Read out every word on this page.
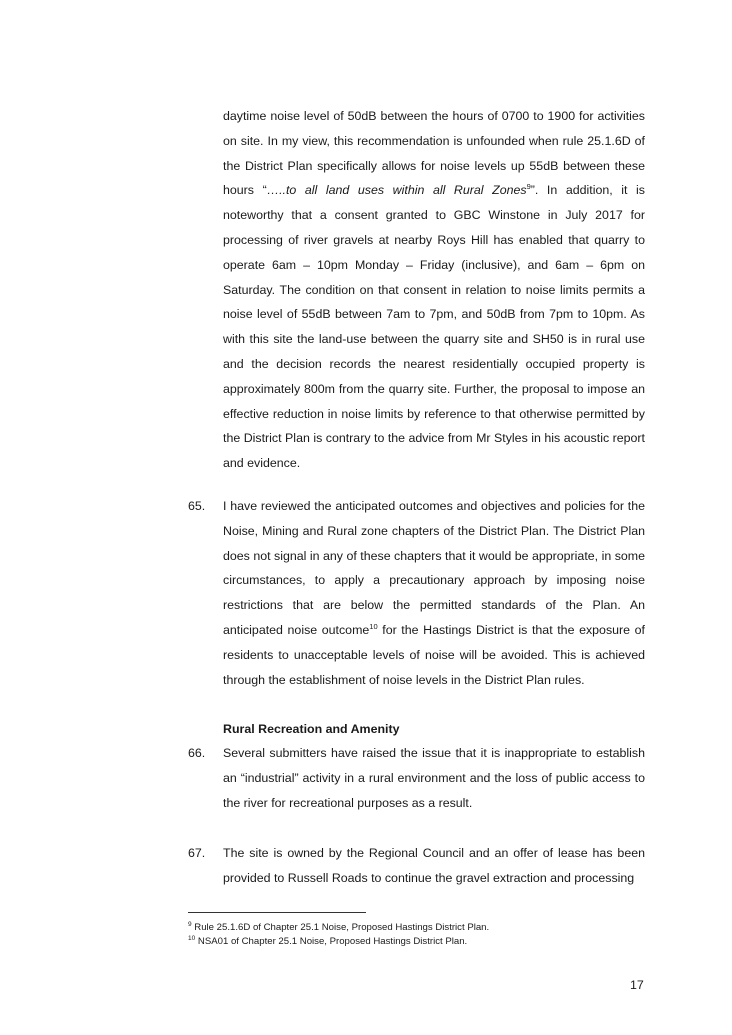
daytime noise level of 50dB between the hours of 0700 to 1900 for activities on site. In my view, this recommendation is unfounded when rule 25.1.6D of the District Plan specifically allows for noise levels up 55dB between these hours “…..to all land uses within all Rural Zones$^9$”. In addition, it is noteworthy that a consent granted to GBC Winstone in July 2017 for processing of river gravels at nearby Roys Hill has enabled that quarry to operate 6am – 10pm Monday – Friday (inclusive), and 6am – 6pm on Saturday. The condition on that consent in relation to noise limits permits a noise level of 55dB between 7am to 7pm, and 50dB from 7pm to 10pm. As with this site the land-use between the quarry site and SH50 is in rural use and the decision records the nearest residentially occupied property is approximately 800m from the quarry site. Further, the proposal to impose an effective reduction in noise limits by reference to that otherwise permitted by the District Plan is contrary to the advice from Mr Styles in his acoustic report and evidence.

65. I have reviewed the anticipated outcomes and objectives and policies for the Noise, Mining and Rural zone chapters of the District Plan. The District Plan does not signal in any of these chapters that it would be appropriate, in some circumstances, to apply a precautionary approach by imposing noise restrictions that are below the permitted standards of the Plan. An anticipated noise outcome$^{10}$ for the Hastings District is that the exposure of residents to unacceptable levels of noise will be avoided. This is achieved through the establishment of noise levels in the District Plan rules.

Rural Recreation and Amenity
66. Several submitters have raised the issue that it is inappropriate to establish an “industrial” activity in a rural environment and the loss of public access to the river for recreational purposes as a result.

67. The site is owned by the Regional Council and an offer of lease has been provided to Russell Roads to continue the gravel extraction and processing

$^9$ Rule 25.1.6D of Chapter 25.1 Noise, Proposed Hastings District Plan.
$^{10}$ NSA01 of Chapter 25.1 Noise, Proposed Hastings District Plan.
17
